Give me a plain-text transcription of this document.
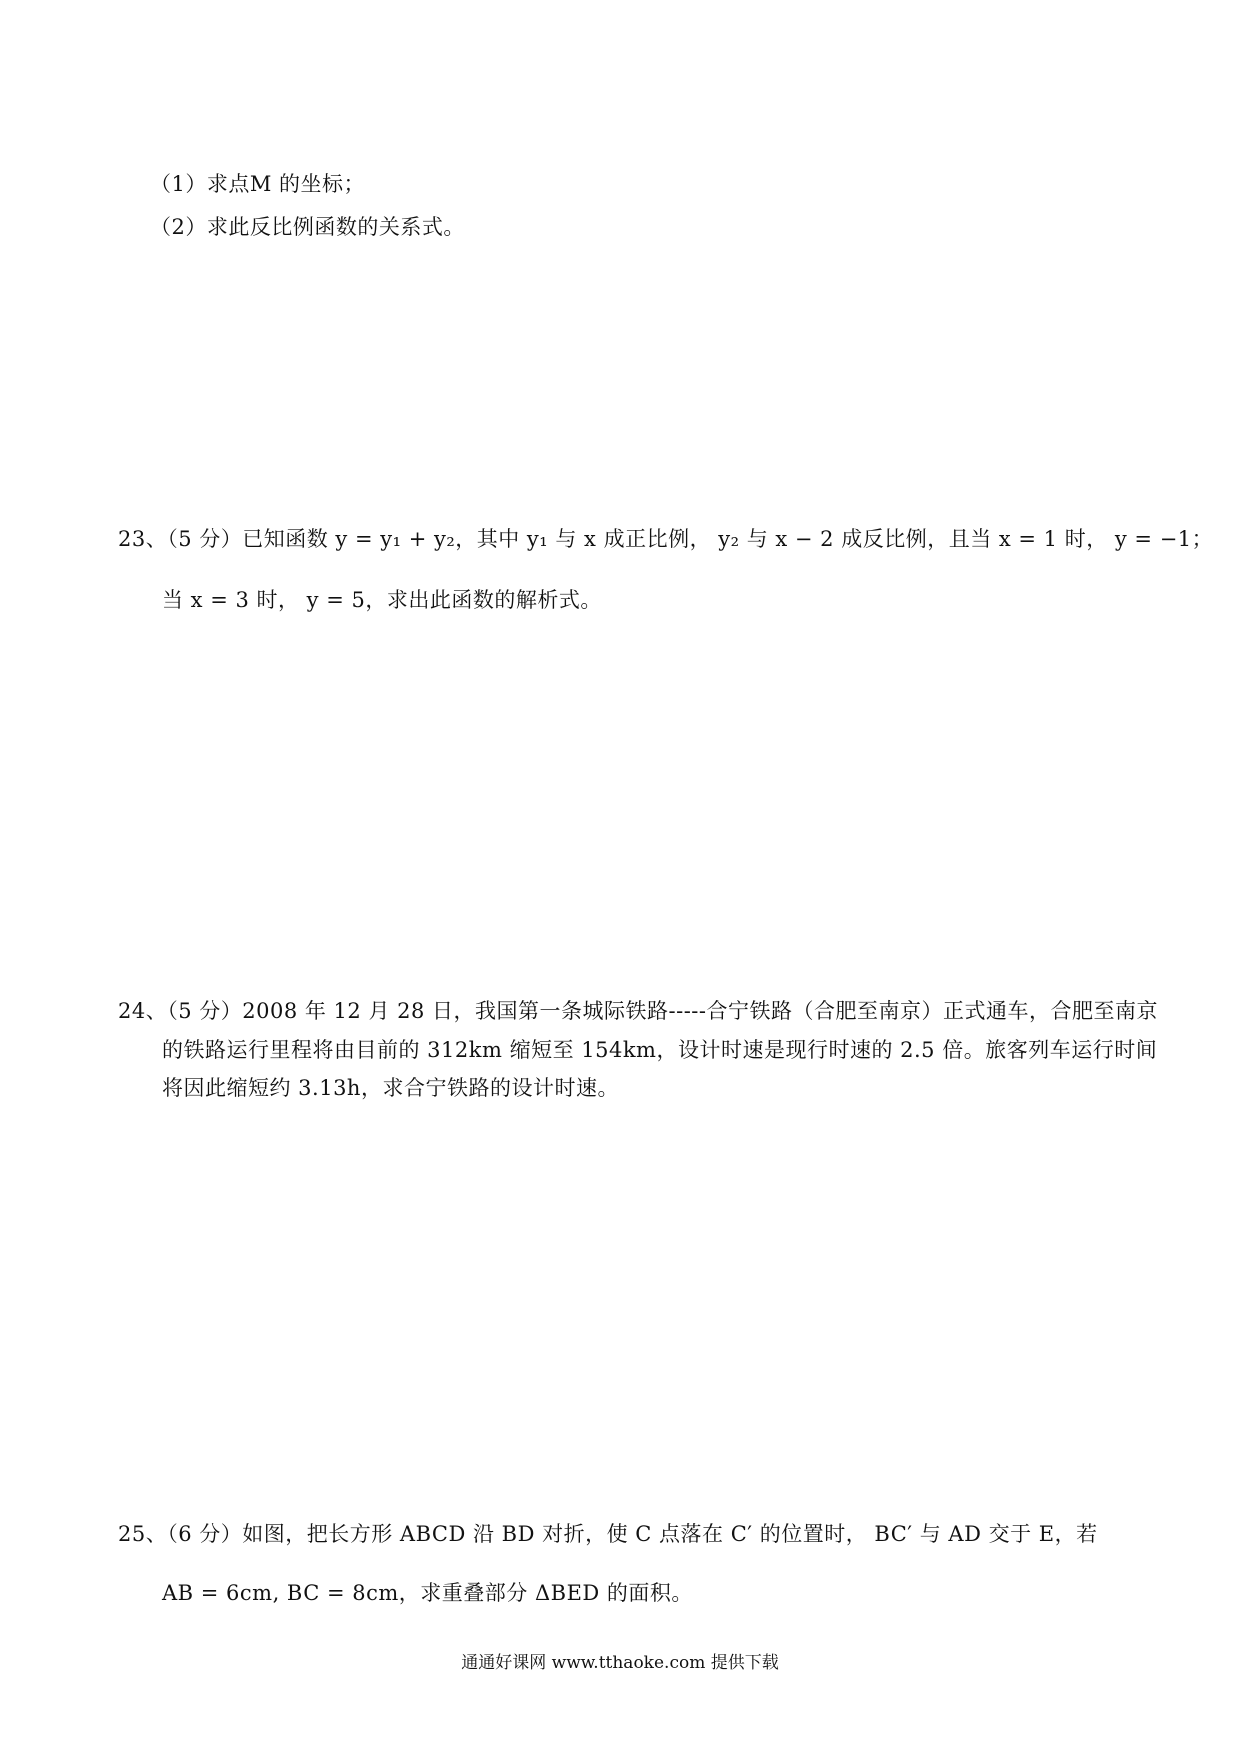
（1）求点M 的坐标；
（2）求此反比例函数的关系式。
23、（5 分）已知函数 y = y₁ + y₂，其中 y₁ 与 x 成正比例， y₂ 与 x − 2 成反比例，且当 x = 1 时， y = −1；
当 x = 3 时， y = 5，求出此函数的解析式。
24、（5 分）2008 年 12 月 28 日，我国第一条城际铁路-----合宁铁路（合肥至南京）正式通车，合肥至南京
的铁路运行里程将由目前的 312km 缩短至 154km，设计时速是现行时速的 2.5 倍。旅客列车运行时间
将因此缩短约 3.13h，求合宁铁路的设计时速。
25、（6 分）如图，把长方形 ABCD 沿 BD 对折，使 C 点落在 C′ 的位置时， BC′ 与 AD 交于 E，若
AB = 6cm, BC = 8cm，求重叠部分 ΔBED 的面积。
通通好课网 www.tthaoke.com 提供下载
